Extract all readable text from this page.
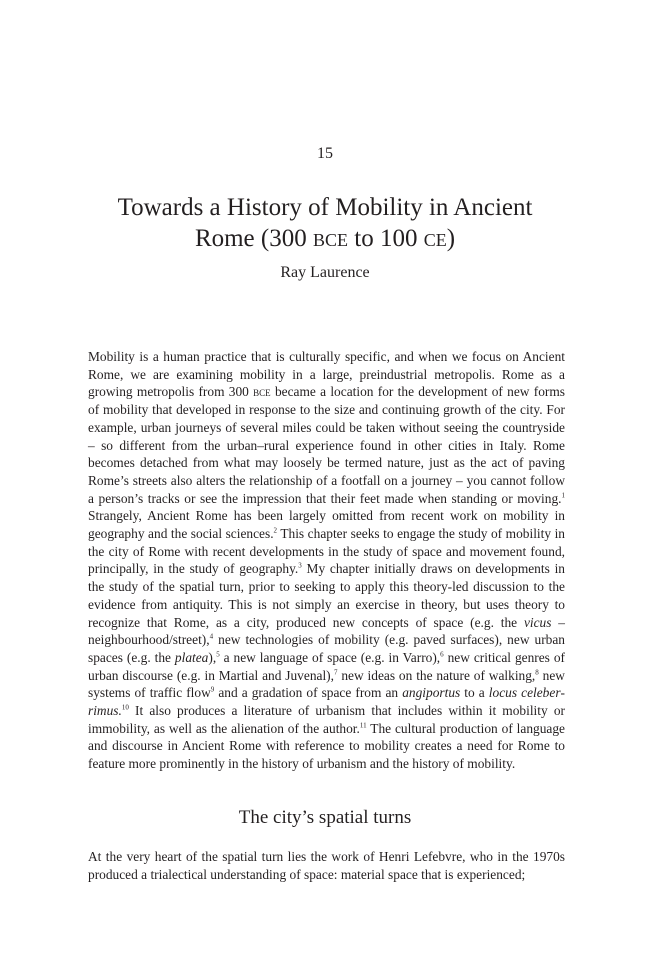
15
Towards a History of Mobility in Ancient
Rome (300 bce to 100 ce)
Ray Laurence

Mobility is a human practice that is culturally specific, and when we focus on Ancient Rome, we are examining mobility in a large, preindustrial metropolis. Rome as a growing metropolis from 300 bce became a location for the development of new forms of mobility that developed in response to the size and continuing growth of the city. For example, urban journeys of several miles could be taken without seeing the countryside – so different from the urban–rural experience found in other cities in Italy. Rome becomes detached from what may loosely be termed nature, just as the act of paving Rome’s streets also alters the relationship of a footfall on a journey – you cannot follow a person’s tracks or see the impression that their feet made when standing or moving.$^1$ Strangely, Ancient Rome has been largely omitted from recent work on mobility in geography and the social sciences.$^2$ This chapter seeks to engage the study of mobility in the city of Rome with recent developments in the study of space and movement found, principally, in the study of geography.$^3$ My chapter initially draws on developments in the study of the spatial turn, prior to seeking to apply this theory-led discussion to the evidence from antiquity. This is not simply an exercise in theory, but uses theory to recognize that Rome, as a city, produced new concepts of space (e.g. the vicus – neighbourhood/street),$^4$ new technologies of mobility (e.g. paved surfaces), new urban spaces (e.g. the platea),$^5$ a new language of space (e.g. in Varro),$^6$ new critical genres of urban discourse (e.g. in Martial and Juvenal),$^7$ new ideas on the nature of walking,$^8$ new systems of traffic flow$^9$ and a gradation of space from an angiportus to a locus celeberrimus.$^{10}$ It also produces a literature of urbanism that includes within it mobility or immobility, as well as the alienation of the author.$^{11}$ The cultural production of language and discourse in Ancient Rome with reference to mobility creates a need for Rome to feature more prominently in the history of urbanism and the history of mobility.

The city’s spatial turns

At the very heart of the spatial turn lies the work of Henri Lefebvre, who in the 1970s produced a trialectical understanding of space: material space that is experienced;
